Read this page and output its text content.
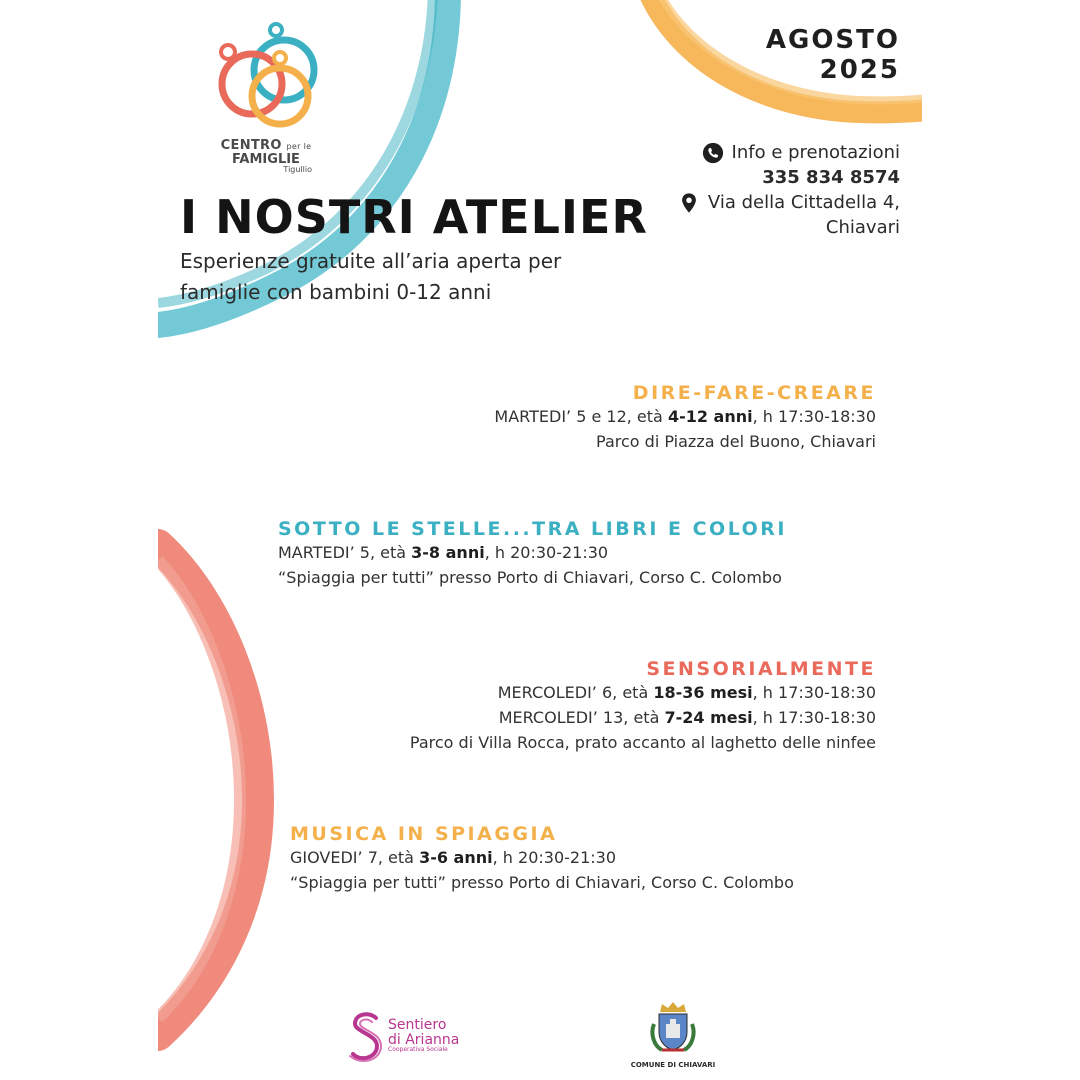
CENTRO per le
FAMIGLIE
Tigullio
AGOSTO
2025
Info e prenotazioni
335 834 8574
Via della Cittadella 4,
Chiavari
I NOSTRI ATELIER
Esperienze gratuite all’aria aperta per famiglie con bambini 0-12 anni
DIRE-FARE-CREARE
MARTEDI’ 5 e 12, età 4-12 anni, h 17:30-18:30
Parco di Piazza del Buono, Chiavari
SOTTO LE STELLE...TRA LIBRI E COLORI
MARTEDI’ 5, età 3-8 anni, h 20:30-21:30
“Spiaggia per tutti” presso Porto di Chiavari, Corso C. Colombo
SENSORIALMENTE
MERCOLEDI’ 6, età 18-36 mesi, h 17:30-18:30
MERCOLEDI’ 13, età 7-24 mesi, h 17:30-18:30
Parco di Villa Rocca, prato accanto al laghetto delle ninfee
MUSICA IN SPIAGGIA
GIOVEDI’ 7, età 3-6 anni, h 20:30-21:30
“Spiaggia per tutti” presso Porto di Chiavari, Corso C. Colombo
Sentiero
di Arianna
Cooperativa Sociale
COMUNE DI CHIAVARI
